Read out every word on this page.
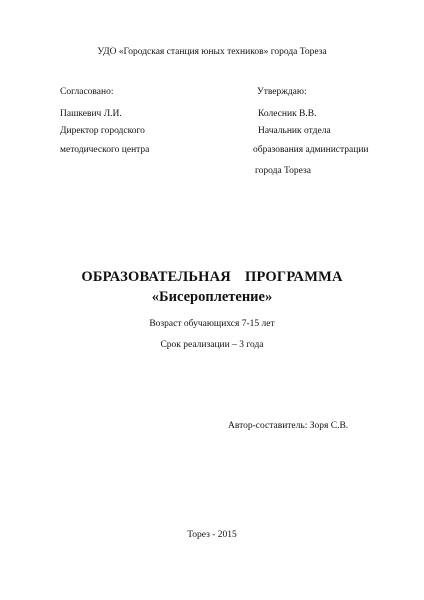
УДО «Городская станция юных техников» города Тореза
Согласовано:
Пашкевич Л.И.
Директор городского
методического центра
Утверждаю:
Колесник В.В.
Начальник отдела
образования администрации
города Тореза
ОБРАЗОВАТЕЛЬНАЯ ПРОГРАММА
«Бисероплетение»
Возраст обучающихся 7-15 лет
Срок реализации – 3 года
Автор-составитель: Зоря С.В.
Торез - 2015
